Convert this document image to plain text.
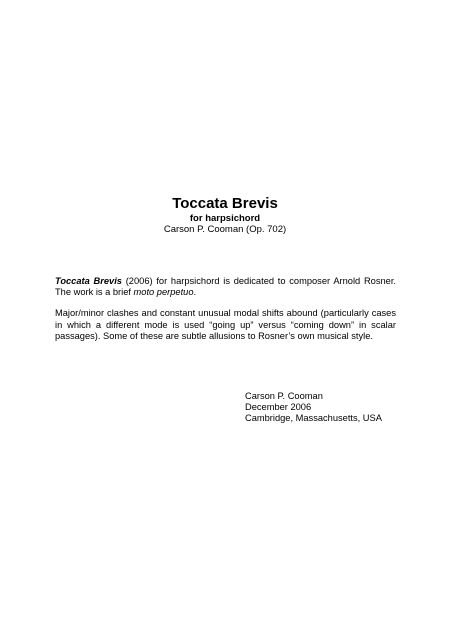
Toccata Brevis
for harpsichord
Carson P. Cooman (Op. 702)

Toccata Brevis (2006) for harpsichord is dedicated to composer Arnold Rosner. The work is a brief moto perpetuo.

Major/minor clashes and constant unusual modal shifts abound (particularly cases in which a different mode is used “going up” versus “coming down” in scalar passages). Some of these are subtle allusions to Rosner’s own musical style.

Carson P. Cooman
December 2006
Cambridge, Massachusetts, USA
